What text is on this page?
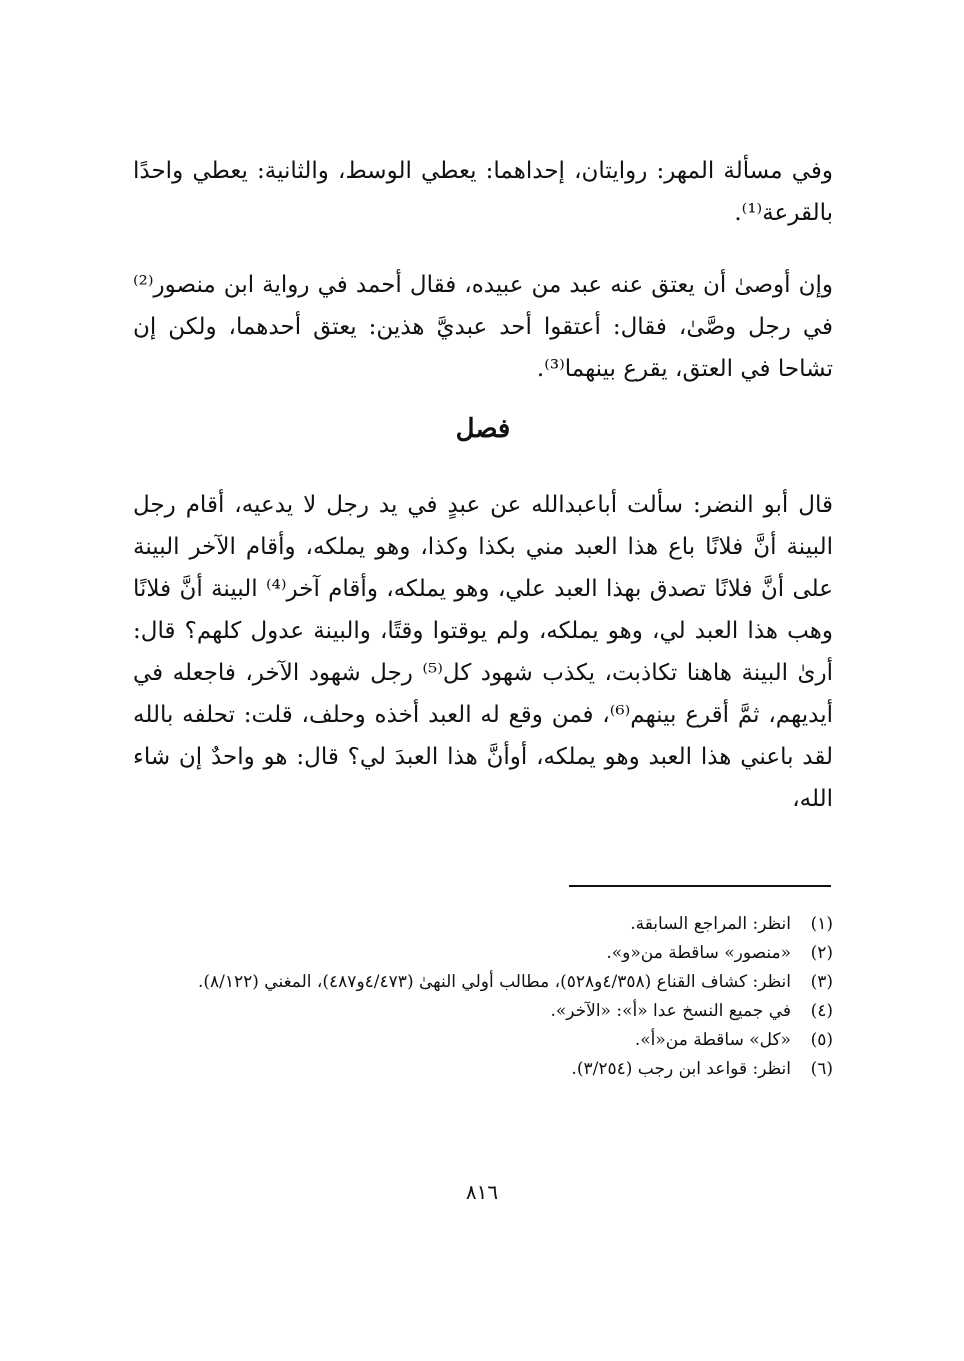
وفي مسألة المهر: روايتان، إحداهما: يعطي الوسط، والثانية: يعطي واحدًا بالقرعة⁽¹⁾.

وإن أوصىٰ أن يعتق عنه عبد من عبيده، فقال أحمد في رواية ابن منصور⁽²⁾ في رجل وصَّىٰ، فقال: أعتقوا أحد عبديَّ هذين: يعتق أحدهما، ولكن إن تشاحا في العتق، يقرع بينهما⁽³⁾.

فصل

قال أبو النضر: سألت أباعبدالله عن عبدٍ في يد رجل لا يدعيه، أقام رجل البينة أنَّ فلانًا باع هذا العبد مني بكذا وكذا، وهو يملكه، وأقام الآخر البينة على أنَّ فلانًا تصدق بهذا العبد علي، وهو يملكه، وأقام آخر⁽⁴⁾ البينة أنَّ فلانًا وهب هذا العبد لي، وهو يملكه، ولم يوقتوا وقتًا، والبينة عدول كلهم؟ قال: أرىٰ البينة هاهنا تكاذبت، يكذب شهود كل⁽⁵⁾ رجل شهود الآخر، فاجعله في أيديهم، ثمَّ أقرع بينهم⁽⁶⁾، فمن وقع له العبد أخذه وحلف، قلت: تحلفه بالله لقد باعني هذا العبد وهو يملكه، أوأنَّ هذا العبدَ لي؟ قال: هو واحدٌ إن شاء الله،

(١)
انظر: المراجع السابقة.
(٢)
«منصور» ساقطة من«و».
(٣)
انظر: كشاف القناع (٤/٣٥٨و٥٢٨)، مطالب أولي النهىٰ (٤/٤٧٣و٤٨٧)، المغني (٨/١٢٢).
(٤)
في جميع النسخ عدا «أ»: «الآخر».
(٥)
«كل» ساقطة من«أ».
(٦)
انظر: قواعد ابن رجب (٣/٢٥٤).
٨١٦
